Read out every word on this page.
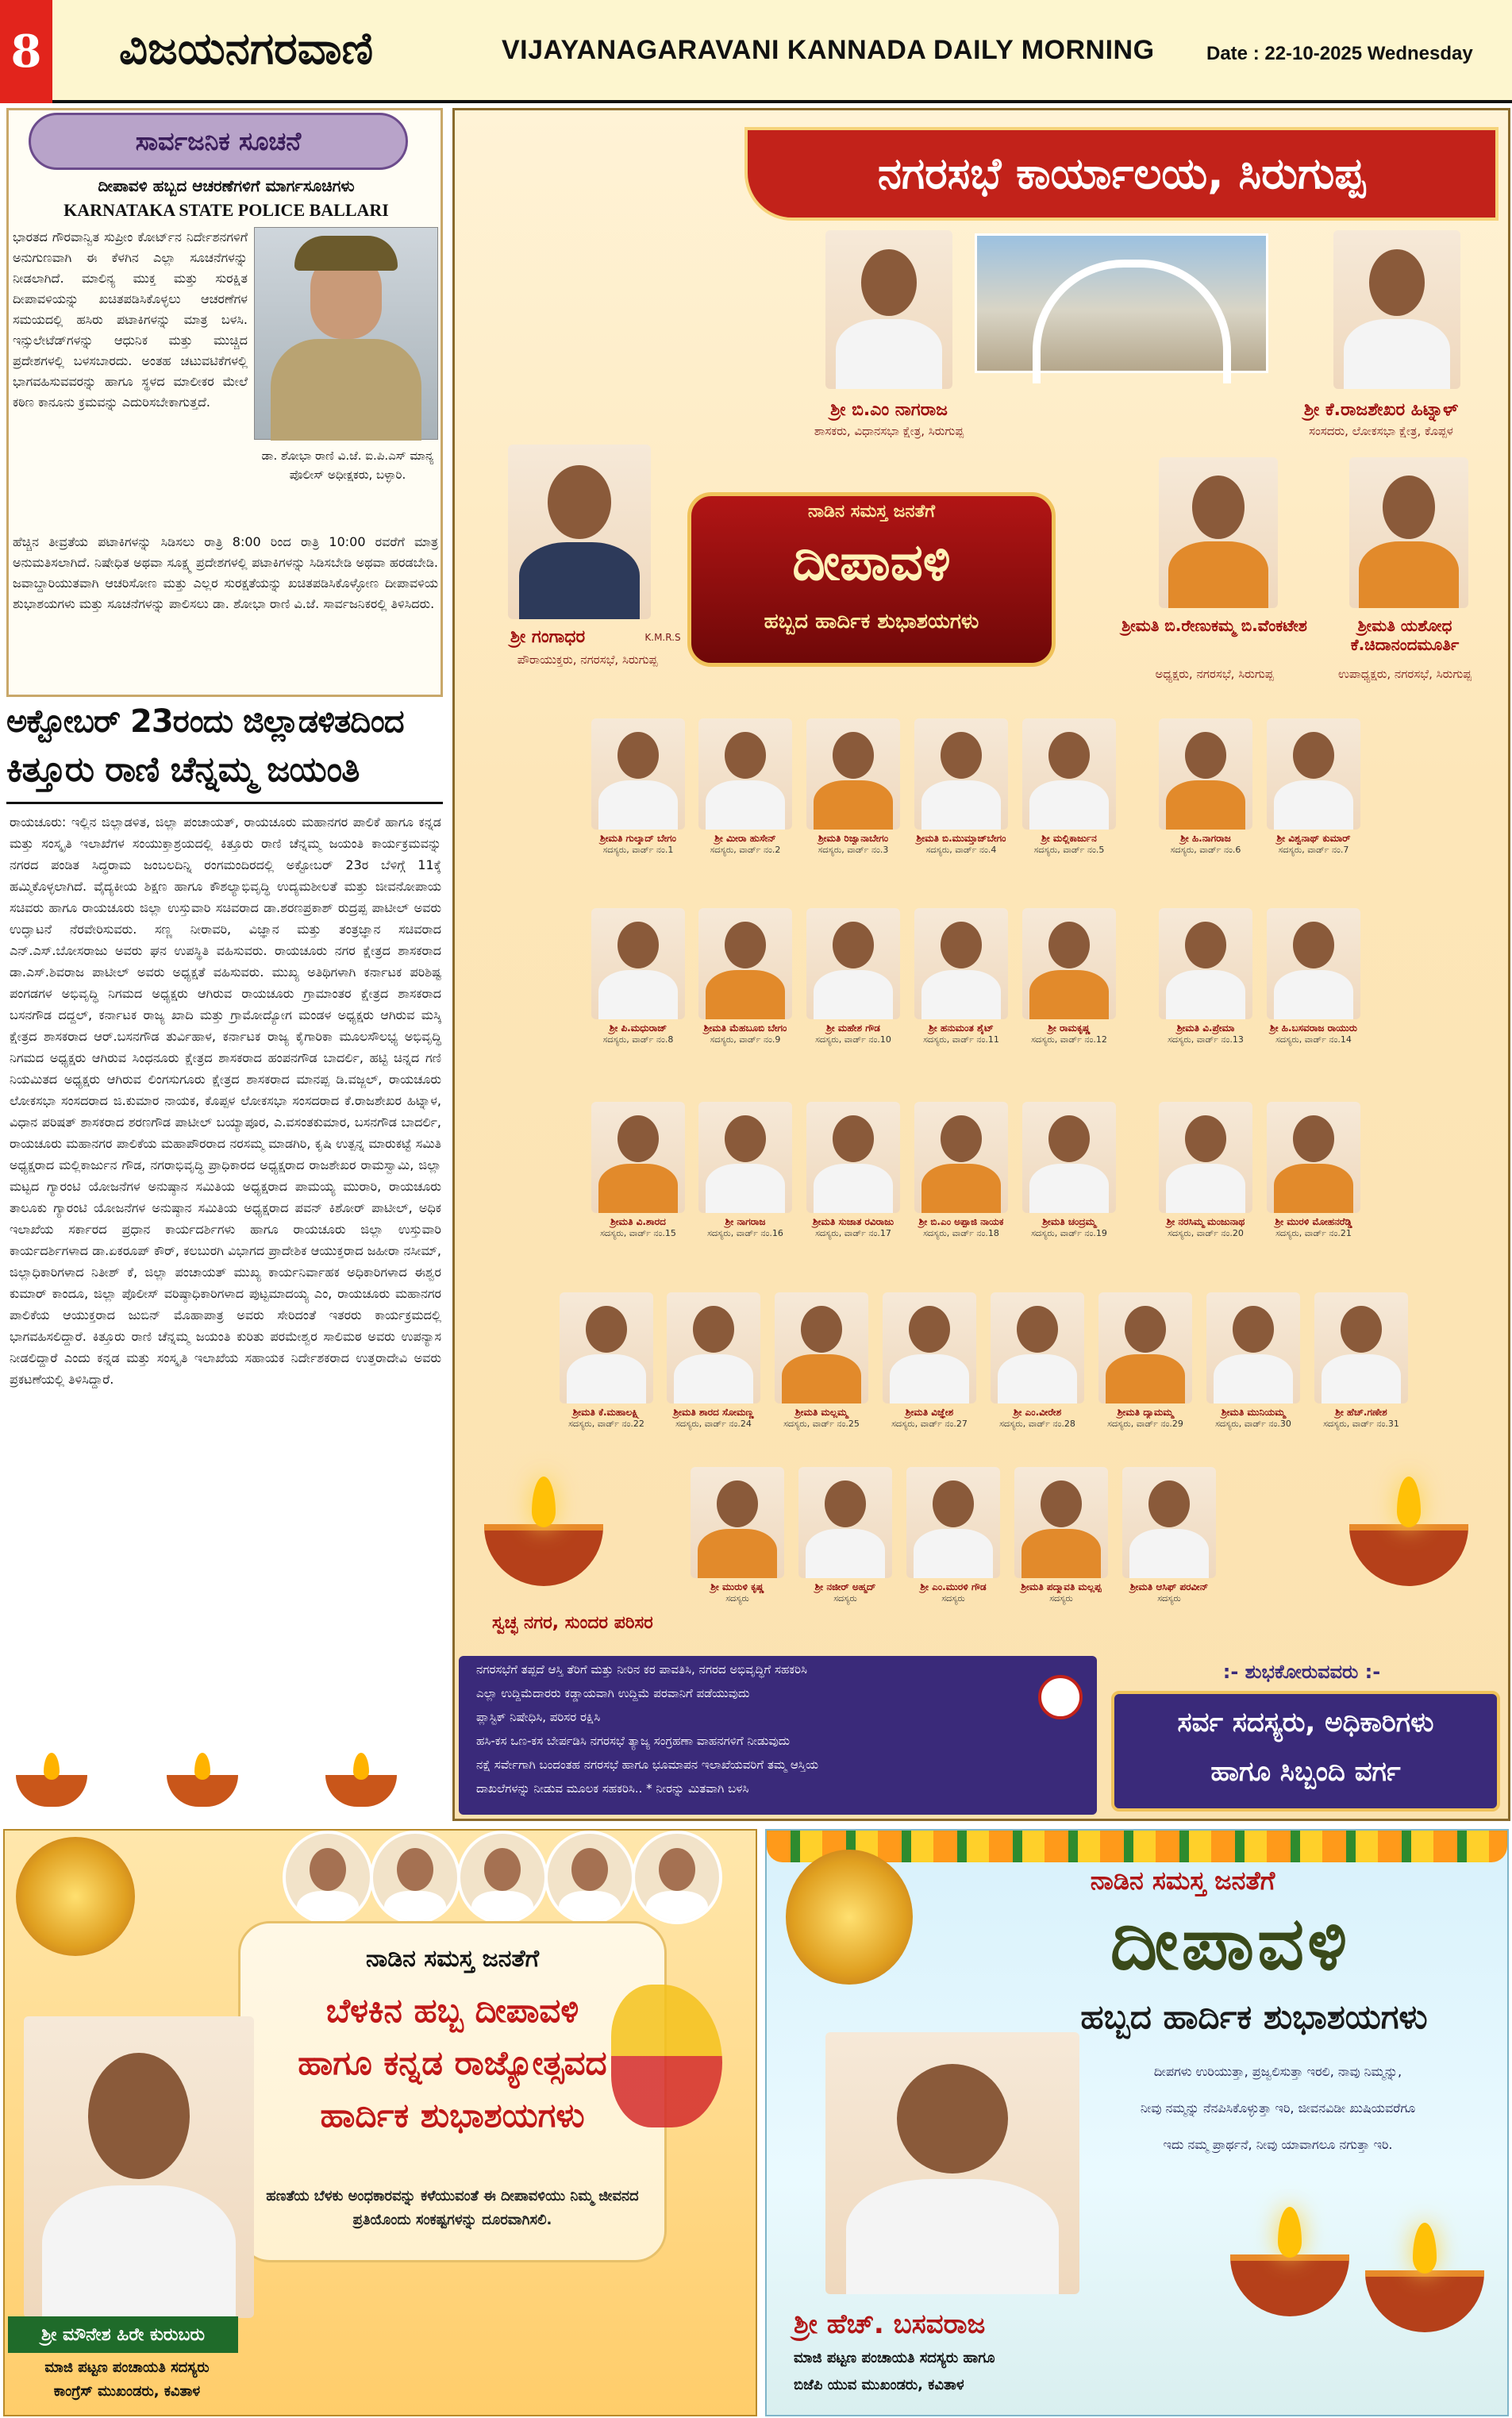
8 ವಿಜಯನಗರವಾಣಿ	VIJAYANAGARAVANI KANNADA DAILY MORNING	Date : 22-10-2025 Wednesday
ಸಾರ್ವಜನಿಕ ಸೂಚನೆ
ದೀಪಾವಳಿ ಹಬ್ಬದ ಆಚರಣೆಗಳಿಗೆ ಮಾರ್ಗಸೂಚಿಗಳು
KARNATAKA STATE POLICE BALLARI
ಭಾರತದ ಗೌರವಾನ್ವಿತ ಸುಪ್ರೀಂ ಕೋರ್ಟ್‌ನ ನಿರ್ದೇಶನಗಳಿಗೆ ಅನುಗುಣವಾಗಿ ಈ ಕೆಳಗಿನ ಎಲ್ಲಾ ಸೂಚನೆಗಳನ್ನು ನೀಡಲಾಗಿದೆ. ಮಾಲಿನ್ಯ ಮುಕ್ತ ಮತ್ತು ಸುರಕ್ಷಿತ ದೀಪಾವಳಿಯನ್ನು ಖಚಿತಪಡಿಸಿಕೊಳ್ಳಲು ಆಚರಣೆಗಳ ಸಮಯದಲ್ಲಿ ಹಸಿರು ಪಟಾಕಿಗಳನ್ನು ಮಾತ್ರ ಬಳಸಿ. ಇನ್ಸುಲೇಟೆಡ್‌ಗಳನ್ನು ಆಧುನಿಕ ಮತ್ತು ಮುಚ್ಚಿದ ಪ್ರದೇಶಗಳಲ್ಲಿ ಬಳಸಬಾರದು. ಅಂತಹ ಚಟುವಟಿಕೆಗಳಲ್ಲಿ ಭಾಗವಹಿಸುವವರನ್ನು ಹಾಗೂ ಸ್ಥಳದ ಮಾಲೀಕರ ಮೇಲೆ ಕಠಿಣ ಕಾನೂನು ಕ್ರಮವನ್ನು ಎದುರಿಸಬೇಕಾಗುತ್ತದೆ.
ಡಾ. ಶೋಭಾ ರಾಣಿ ವಿ.ಜೆ. ಐ.ಪಿ.ಎಸ್ ಮಾನ್ಯ ಪೊಲೀಸ್ ಅಧೀಕ್ಷಕರು, ಬಳ್ಳಾರಿ.
ಹೆಚ್ಚಿನ ತೀವ್ರತೆಯ ಪಟಾಕಿಗಳನ್ನು ಸಿಡಿಸಲು ರಾತ್ರಿ 8:00 ರಿಂದ ರಾತ್ರಿ 10:00 ರವರೆಗೆ ಮಾತ್ರ ಅನುಮತಿಸಲಾಗಿದೆ. ನಿಷೇಧಿತ ಅಥವಾ ಸೂಕ್ಷ್ಮ ಪ್ರದೇಶಗಳಲ್ಲಿ ಪಟಾಕಿಗಳನ್ನು ಸಿಡಿಸಬೇಡಿ ಅಥವಾ ಹರಡಬೇಡಿ. ಜವಾಬ್ದಾರಿಯುತವಾಗಿ ಆಚರಿಸೋಣ ಮತ್ತು ಎಲ್ಲರ ಸುರಕ್ಷತೆಯನ್ನು ಖಚಿತಪಡಿಸಿಕೊಳ್ಳೋಣ ದೀಪಾವಳಿಯ ಶುಭಾಶಯಗಳು ಮತ್ತು ಸೂಚನೆಗಳನ್ನು ಪಾಲಿಸಲು ಡಾ. ಶೋಭಾ ರಾಣಿ ವಿ.ಜೆ. ಸಾರ್ವಜನಿಕರಲ್ಲಿ ತಿಳಿಸಿದರು.
ಅಕ್ಟೋಬರ್ 23ರಂದು ಜಿಲ್ಲಾಡಳಿತದಿಂದ
ಕಿತ್ತೂರು ರಾಣಿ ಚೆನ್ನಮ್ಮ ಜಯಂತಿ
ರಾಯಚೂರು: ಇಲ್ಲಿನ ಜಿಲ್ಲಾಡಳಿತ, ಜಿಲ್ಲಾ ಪಂಚಾಯತ್, ರಾಯಚೂರು ಮಹಾನಗರ ಪಾಲಿಕೆ ಹಾಗೂ ಕನ್ನಡ ಮತ್ತು ಸಂಸ್ಕೃತಿ ಇಲಾಖೆಗಳ ಸಂಯುಕ್ತಾಶ್ರಯದಲ್ಲಿ ಕಿತ್ತೂರು ರಾಣಿ ಚೆನ್ನಮ್ಮ ಜಯಂತಿ ಕಾರ್ಯಕ್ರಮವನ್ನು ನಗರದ ಪಂಡಿತ ಸಿದ್ಧರಾಮ ಜಂಬಲದಿನ್ನಿ ರಂಗಮಂದಿರದಲ್ಲಿ ಅಕ್ಟೋಬರ್ 23ರ ಬೆಳಿಗ್ಗೆ 11ಕ್ಕೆ ಹಮ್ಮಿಕೊಳ್ಳಲಾಗಿದೆ. ವೈದ್ಯಕೀಯ ಶಿಕ್ಷಣ ಹಾಗೂ ಕೌಶಲ್ಯಾಭಿವೃದ್ಧಿ ಉದ್ಯಮಶೀಲತೆ ಮತ್ತು ಜೀವನೋಪಾಯ ಸಚಿವರು ಹಾಗೂ ರಾಯಚೂರು ಜಿಲ್ಲಾ ಉಸ್ತುವಾರಿ ಸಚಿವರಾದ ಡಾ.ಶರಣಪ್ರಕಾಶ್ ರುದ್ರಪ್ಪ ಪಾಟೀಲ್ ಅವರು ಉದ್ಘಾಟನೆ ನೆರವೇರಿಸುವರು. ಸಣ್ಣ ನೀರಾವರಿ, ವಿಜ್ಞಾನ ಮತ್ತು ತಂತ್ರಜ್ಞಾನ ಸಚಿವರಾದ ಎನ್.ಎಸ್.ಬೋಸರಾಜು ಅವರು ಘನ ಉಪಸ್ಥಿತಿ ವಹಿಸುವರು. ರಾಯಚೂರು ನಗರ ಕ್ಷೇತ್ರದ ಶಾಸಕರಾದ ಡಾ.ಎಸ್.ಶಿವರಾಜ ಪಾಟೀಲ್ ಅವರು ಅಧ್ಯಕ್ಷತೆ ವಹಿಸುವರು. ಮುಖ್ಯ ಅತಿಥಿಗಳಾಗಿ ಕರ್ನಾಟಕ ಪರಿಶಿಷ್ಟ ಪಂಗಡಗಳ ಅಭಿವೃದ್ಧಿ ನಿಗಮದ ಅಧ್ಯಕ್ಷರು ಆಗಿರುವ ರಾಯಚೂರು ಗ್ರಾಮಾಂತರ ಕ್ಷೇತ್ರದ ಶಾಸಕರಾದ ಬಸನಗೌಡ ದದ್ದಲ್, ಕರ್ನಾಟಕ ರಾಜ್ಯ ಖಾದಿ ಮತ್ತು ಗ್ರಾಮೋದ್ಯೋಗ ಮಂಡಳ ಅಧ್ಯಕ್ಷರು ಆಗಿರುವ ಮಸ್ಕಿ ಕ್ಷೇತ್ರದ ಶಾಸಕರಾದ ಆರ್.ಬಸನಗೌಡ ತುರ್ವಿಹಾಳ, ಕರ್ನಾಟಕ ರಾಜ್ಯ ಕೈಗಾರಿಕಾ ಮೂಲಸೌಲಭ್ಯ ಅಭಿವೃದ್ಧಿ ನಿಗಮದ ಅಧ್ಯಕ್ಷರು ಆಗಿರುವ ಸಿಂಧನೂರು ಕ್ಷೇತ್ರದ ಶಾಸಕರಾದ ಹಂಪನಗೌಡ ಬಾದರ್ಲಿ, ಹಟ್ಟಿ ಚಿನ್ನದ ಗಣಿ ನಿಯಮಿತದ ಅಧ್ಯಕ್ಷರು ಆಗಿರುವ ಲಿಂಗಸುಗೂರು ಕ್ಷೇತ್ರದ ಶಾಸಕರಾದ ಮಾನಪ್ಪ ಡಿ.ವಜ್ಜಲ್, ರಾಯಚೂರು ಲೋಕಸಭಾ ಸಂಸದರಾದ ಜಿ.ಕುಮಾರ ನಾಯಕ, ಕೊಪ್ಪಳ ಲೋಕಸಭಾ ಸಂಸದರಾದ ಕೆ.ರಾಜಶೇಖರ ಹಿಟ್ನಾಳ, ವಿಧಾನ ಪರಿಷತ್ ಶಾಸಕರಾದ ಶರಣಗೌಡ ಪಾಟೀಲ್ ಬಯ್ಯಾಪೂರ, ಎ.ವಸಂತಕುಮಾರ, ಬಸನಗೌಡ ಬಾದರ್ಲಿ, ರಾಯಚೂರು ಮಹಾನಗರ ಪಾಲಿಕೆಯ ಮಹಾಪೌರರಾದ ನರಸಮ್ಮ ಮಾಡಗಿರಿ, ಕೃಷಿ ಉತ್ಪನ್ನ ಮಾರುಕಟ್ಟೆ ಸಮಿತಿ ಅಧ್ಯಕ್ಷರಾದ ಮಲ್ಲಿಕಾರ್ಜುನ ಗೌಡ, ನಗರಾಭಿವೃದ್ಧಿ ಪ್ರಾಧಿಕಾರದ ಅಧ್ಯಕ್ಷರಾದ ರಾಜಶೇಖರ ರಾಮಸ್ವಾಮಿ, ಜಿಲ್ಲಾ ಮಟ್ಟದ ಗ್ಯಾರಂಟಿ ಯೋಜನೆಗಳ ಅನುಷ್ಠಾನ ಸಮಿತಿಯ ಅಧ್ಯಕ್ಷರಾದ ಪಾಮಯ್ಯ ಮುರಾರಿ, ರಾಯಚೂರು ತಾಲೂಕು ಗ್ಯಾರಂಟಿ ಯೋಜನೆಗಳ ಅನುಷ್ಠಾನ ಸಮಿತಿಯ ಅಧ್ಯಕ್ಷರಾದ ಪವನ್ ಕಿಶೋರ್ ಪಾಟೀಲ್, ಅಧಿಕ ಇಲಾಖೆಯ ಸರ್ಕಾರದ ಪ್ರಧಾನ ಕಾರ್ಯದರ್ಶಿಗಳು ಹಾಗೂ ರಾಯಚೂರು ಜಿಲ್ಲಾ ಉಸ್ತುವಾರಿ ಕಾರ್ಯದರ್ಶಿಗಳಾದ ಡಾ.ಏಕರೂಪ್ ಕೌರ್, ಕಲಬುರಗಿ ವಿಭಾಗದ ಪ್ರಾದೇಶಿಕ ಆಯುಕ್ತರಾದ ಜಹೀರಾ ನಸೀಮ್, ಜಿಲ್ಲಾಧಿಕಾರಿಗಳಾದ ನಿತೀಶ್ ಕೆ, ಜಿಲ್ಲಾ ಪಂಚಾಯತ್ ಮುಖ್ಯ ಕಾರ್ಯನಿರ್ವಾಹಕ ಅಧಿಕಾರಿಗಳಾದ ಈಶ್ವರ ಕುಮಾರ್ ಕಾಂದೂ, ಜಿಲ್ಲಾ ಪೊಲೀಸ್ ವರಿಷ್ಠಾಧಿಕಾರಿಗಳಾದ ಪುಟ್ಟಮಾದಯ್ಯ ಎಂ, ರಾಯಚೂರು ಮಹಾನಗರ ಪಾಲಿಕೆಯ ಆಯುಕ್ತರಾದ ಜುಬಿನ್ ಮೊಹಾಪಾತ್ರ ಅವರು ಸೇರಿದಂತೆ ಇತರರು ಕಾರ್ಯಕ್ರಮದಲ್ಲಿ ಭಾಗವಹಿಸಲಿದ್ದಾರೆ. ಕಿತ್ತೂರು ರಾಣಿ ಚೆನ್ನಮ್ಮ ಜಯಂತಿ ಕುರಿತು ಪರಮೇಶ್ವರ ಸಾಲಿಮಠ ಅವರು ಉಪನ್ಯಾಸ ನೀಡಲಿದ್ದಾರೆ ಎಂದು ಕನ್ನಡ ಮತ್ತು ಸಂಸ್ಕೃತಿ ಇಲಾಖೆಯ ಸಹಾಯಕ ನಿರ್ದೇಶಕರಾದ ಉತ್ತರಾದೇವಿ ಅವರು ಪ್ರಕಟಣೆಯಲ್ಲಿ ತಿಳಿಸಿದ್ದಾರೆ.
ನಗರಸಭೆ ಕಾರ್ಯಾಲಯ, ಸಿರುಗುಪ್ಪ
ಶ್ರೀ ಬಿ.ಎಂ ನಾಗರಾಜ
ಶಾಸಕರು, ವಿಧಾನಸಭಾ ಕ್ಷೇತ್ರ, ಸಿರುಗುಪ್ಪ
ಶ್ರೀ ಕೆ.ರಾಜಶೇಖರ ಹಿಟ್ನಾಳ್
ಸಂಸದರು, ಲೋಕಸಭಾ ಕ್ಷೇತ್ರ, ಕೊಪ್ಪಳ
ಶ್ರೀ ಗಂಗಾಧರ	K.M.R.S
ಪೌರಾಯುಕ್ತರು, ನಗರಸಭೆ, ಸಿರುಗುಪ್ಪ
ಶ್ರೀಮತಿ ಬಿ.ರೇಣುಕಮ್ಮ ಬಿ.ವೆಂಕಟೇಶ
ಅಧ್ಯಕ್ಷರು, ನಗರಸಭೆ, ಸಿರುಗುಪ್ಪ
ಶ್ರೀಮತಿ ಯಶೋಧ ಕೆ.ಚಿದಾನಂದಮೂರ್ತಿ
ಉಪಾಧ್ಯಕ್ಷರು, ನಗರಸಭೆ, ಸಿರುಗುಪ್ಪ
ನಾಡಿನ ಸಮಸ್ತ ಜನತೆಗೆ
ದೀಪಾವಳಿ
ಹಬ್ಬದ ಹಾರ್ದಿಕ ಶುಭಾಶಯಗಳು
ಶ್ರೀಮತಿ ಗುಲ್ಶಾದ್ ಬೇಗಂ
ಸದಸ್ಯರು, ವಾರ್ಡ್ ನಂ.1
ಶ್ರೀ ಮೀರಾ ಹುಸೇನ್
ಸದಸ್ಯರು, ವಾರ್ಡ್ ನಂ.2
ಶ್ರೀಮತಿ ರಿಜ್ವಾನಾಬೇಗಂ
ಸದಸ್ಯರು, ವಾರ್ಡ್ ನಂ.3
ಶ್ರೀಮತಿ ಬಿ.ಮುಮ್ತಾಜ್‌ಬೇಗಂ
ಸದಸ್ಯರು, ವಾರ್ಡ್ ನಂ.4
ಶ್ರೀ ಮಲ್ಲಿಕಾರ್ಜುನ
ಸದಸ್ಯರು, ವಾರ್ಡ್ ನಂ.5
ಶ್ರೀ ಹಿ.ನಾಗರಾಜ
ಸದಸ್ಯರು, ವಾರ್ಡ್ ನಂ.6
ಶ್ರೀ ವಿಶ್ವನಾಥ್ ಕುಮಾರ್
ಸದಸ್ಯರು, ವಾರ್ಡ್ ನಂ.7
ಶ್ರೀ ಪಿ.ಮಧುರಾಜ್
ಸದಸ್ಯರು, ವಾರ್ಡ್ ನಂ.8
ಶ್ರೀಮತಿ ಮೆಹಬೂಬಿ ಬೇಗಂ
ಸದಸ್ಯರು, ವಾರ್ಡ್ ನಂ.9
ಶ್ರೀ ಮಹೇಶ ಗೌಡ
ಸದಸ್ಯರು, ವಾರ್ಡ್ ನಂ.10
ಶ್ರೀ ಹನುಮಂತ ಶೈಟ್
ಸದಸ್ಯರು, ವಾರ್ಡ್ ನಂ.11
ಶ್ರೀ ರಾಮಕೃಷ್ಣ
ಸದಸ್ಯರು, ವಾರ್ಡ್ ನಂ.12
ಶ್ರೀಮತಿ ವಿ.ಪ್ರೇಮಾ
ಸದಸ್ಯರು, ವಾರ್ಡ್ ನಂ.13
ಶ್ರೀ ಹಿ.ಬಸವರಾಜ ರಾಯುರು
ಸದಸ್ಯರು, ವಾರ್ಡ್ ನಂ.14
ಶ್ರೀಮತಿ ವಿ.ಶಾರದ
ಸದಸ್ಯರು, ವಾರ್ಡ್ ನಂ.15
ಶ್ರೀ ನಾಗರಾಜ
ಸದಸ್ಯರು, ವಾರ್ಡ್ ನಂ.16
ಶ್ರೀಮತಿ ಸುಜಾತ ರವಿರಾಜು
ಸದಸ್ಯರು, ವಾರ್ಡ್ ನಂ.17
ಶ್ರೀ ಬಿ.ಎಂ ಅಪ್ಪಾಜಿ ನಾಯಕ
ಸದಸ್ಯರು, ವಾರ್ಡ್ ನಂ.18
ಶ್ರೀಮತಿ ಚಂದ್ರಮ್ಮ
ಸದಸ್ಯರು, ವಾರ್ಡ್ ನಂ.19
ಶ್ರೀ ನರಸಿಮ್ಮ ಮಂಜುನಾಥ
ಸದಸ್ಯರು, ವಾರ್ಡ್ ನಂ.20
ಶ್ರೀ ಮುರಳಿ ಮೋಹನರೆಡ್ಡಿ
ಸದಸ್ಯರು, ವಾರ್ಡ್ ನಂ.21
ಶ್ರೀಮತಿ ಕೆ.ಮಹಾಲಕ್ಷ್ಮಿ
ಸದಸ್ಯರು, ವಾರ್ಡ್ ನಂ.22
ಶ್ರೀಮತಿ ಶಾರದ ಸೋಮಣ್ಣ
ಸದಸ್ಯರು, ವಾರ್ಡ್ ನಂ.24
ಶ್ರೀಮತಿ ಮಲ್ಲಮ್ಮ
ಸದಸ್ಯರು, ವಾರ್ಡ್ ನಂ.25
ಶ್ರೀಮತಿ ವಿಜ್ಞೇಶ
ಸದಸ್ಯರು, ವಾರ್ಡ್ ನಂ.27
ಶ್ರೀ ಎಂ.ವೀರೇಶ
ಸದಸ್ಯರು, ವಾರ್ಡ್ ನಂ.28
ಶ್ರೀಮತಿ ದ್ಯಾಮಮ್ಮ
ಸದಸ್ಯರು, ವಾರ್ಡ್ ನಂ.29
ಶ್ರೀಮತಿ ಮುನಿಯಮ್ಮ
ಸದಸ್ಯರು, ವಾರ್ಡ್ ನಂ.30
ಶ್ರೀ ಹೆಚ್.ಗಣೇಶ
ಸದಸ್ಯರು, ವಾರ್ಡ್ ನಂ.31
ಶ್ರೀ ಮುರುಳಿ ಕೃಷ್ಣ
ಸದಸ್ಯರು
ಶ್ರೀ ನಜೀರ್ ಅಹ್ಮದ್
ಸದಸ್ಯರು
ಶ್ರೀ ಎಂ.ಮುರಳಿ ಗೌಡ
ಸದಸ್ಯರು
ಶ್ರೀಮತಿ ಪದ್ಮಾವತಿ ಮಲ್ಲಪ್ಪ
ಸದಸ್ಯರು
ಶ್ರೀಮತಿ ಆಸಿಫ್ ಪರವೀನ್
ಸದಸ್ಯರು
ಸ್ವಚ್ಛ ನಗರ, ಸುಂದರ ಪರಿಸರ
ನಗರಸಭೆಗೆ ತಪ್ಪದೆ ಆಸ್ತಿ ತೆರಿಗೆ ಮತ್ತು ನೀರಿನ ಕರ ಪಾವತಿಸಿ, ನಗರದ ಅಭಿವೃದ್ಧಿಗೆ ಸಹಕರಿಸಿ
ಎಲ್ಲಾ ಉದ್ದಿಮೆದಾರರು ಕಡ್ಡಾಯವಾಗಿ ಉದ್ದಿಮೆ ಪರವಾನಿಗೆ ಪಡೆಯುವುದು
ಪ್ಲಾಸ್ಟಿಕ್ ನಿಷೇಧಿಸಿ, ಪರಿಸರ ರಕ್ಷಿಸಿ
ಹಸಿ-ಕಸ ಒಣ-ಕಸ ಬೇರ್ಪಡಿಸಿ ನಗರಸಭೆ ತ್ಯಾಜ್ಯ ಸಂಗ್ರಹಣಾ ವಾಹನಗಳಿಗೆ ನೀಡುವುದು
ನಕ್ಷೆ ಸರ್ವೇಗಾಗಿ ಬಂದಂತಹ ನಗರಸಭೆ ಹಾಗೂ ಭೂಮಾಪನ ಇಲಾಖೆಯವರಿಗೆ ತಮ್ಮ ಆಸ್ತಿಯ
ದಾಖಲೆಗಳನ್ನು ನೀಡುವ ಮೂಲಕ ಸಹಕರಿಸಿ.. * ನೀರನ್ನು ಮಿತವಾಗಿ ಬಳಸಿ
:- ಶುಭಕೋರುವವರು :-
ಸರ್ವ ಸದಸ್ಯರು, ಅಧಿಕಾರಿಗಳು
ಹಾಗೂ ಸಿಬ್ಬಂದಿ ವರ್ಗ
ನಾಡಿನ ಸಮಸ್ತ ಜನತೆಗೆ
ಬೆಳಕಿನ ಹಬ್ಬ ದೀಪಾವಳಿ
ಹಾಗೂ ಕನ್ನಡ ರಾಜ್ಯೋತ್ಸವದ
ಹಾರ್ದಿಕ ಶುಭಾಶಯಗಳು
ಹಣತೆಯ ಬೆಳಕು ಅಂಧಕಾರವನ್ನು ಕಳೆಯುವಂತೆ ಈ ದೀಪಾವಳಿಯು ನಿಮ್ಮ ಜೀವನದ ಪ್ರತಿಯೊಂದು ಸಂಕಷ್ಟಗಳನ್ನು ದೂರವಾಗಿಸಲಿ.
ಶ್ರೀ ಮೌನೇಶ ಹಿರೇ ಕುರುಬರು
ಮಾಜಿ ಪಟ್ಟಣ ಪಂಚಾಯತಿ ಸದಸ್ಯರು
ಕಾಂಗ್ರೆಸ್ ಮುಖಂಡರು, ಕವಿತಾಳ
ನಾಡಿನ ಸಮಸ್ತ ಜನತೆಗೆ
ದೀಪಾವಳಿ
ಹಬ್ಬದ ಹಾರ್ದಿಕ ಶುಭಾಶಯಗಳು
ದೀಪಗಳು ಉರಿಯುತ್ತಾ, ಪ್ರಜ್ವಲಿಸುತ್ತಾ ಇರಲಿ, ನಾವು ನಿಮ್ಮನ್ನು,
ನೀವು ನಮ್ಮನ್ನು ನೆನಪಿಸಿಕೊಳ್ಳುತ್ತಾ ಇರಿ, ಜೀವನವಿಡೀ ಖುಷಿಯವರೆಗೂ
ಇದು ನಮ್ಮ ಪ್ರಾರ್ಥನೆ, ನೀವು ಯಾವಾಗಲೂ ನಗುತ್ತಾ ಇರಿ.
ಶ್ರೀ ಹೆಚ್. ಬಸವರಾಜ
ಮಾಜಿ ಪಟ್ಟಣ ಪಂಚಾಯತಿ ಸದಸ್ಯರು ಹಾಗೂ
ಬಿಜೆಪಿ ಯುವ ಮುಖಂಡರು, ಕವಿತಾಳ
